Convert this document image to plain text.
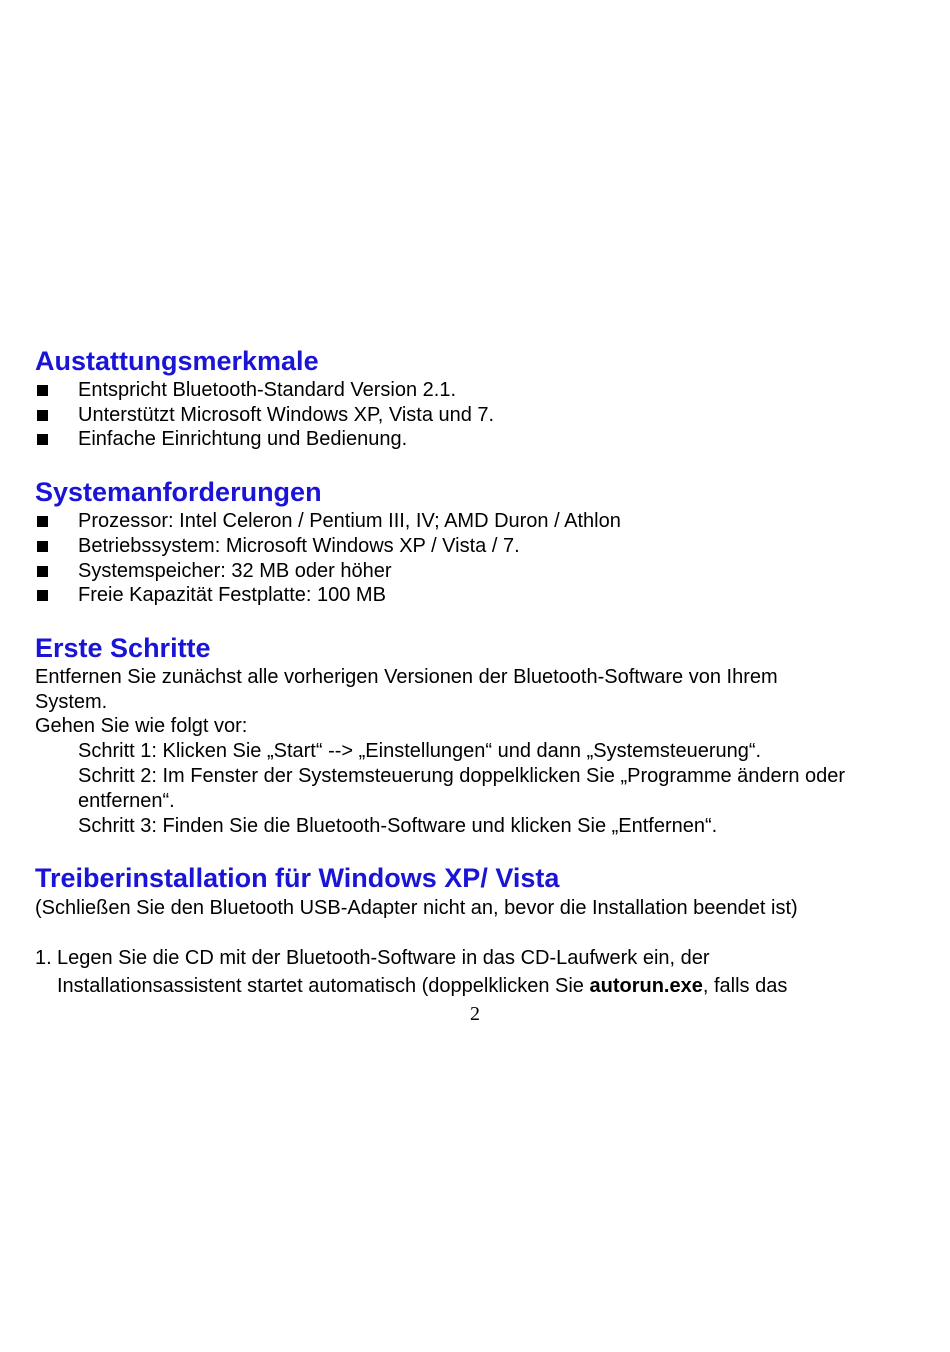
Austattungsmerkmale

Entspricht Bluetooth-Standard Version 2.1.

Unterstützt Microsoft Windows XP, Vista und 7.

Einfache Einrichtung und Bedienung.

Systemanforderungen

Prozessor: Intel Celeron / Pentium III, IV; AMD Duron / Athlon

Betriebssystem: Microsoft Windows XP / Vista / 7.

Systemspeicher: 32 MB oder höher

Freie Kapazität Festplatte: 100 MB

Erste Schritte

Entfernen Sie zunächst alle vorherigen Versionen der Bluetooth-Software von Ihrem

System.

Gehen Sie wie folgt vor:

Schritt 1: Klicken Sie „Start“ --> „Einstellungen“ und dann „Systemsteuerung“.

Schritt 2: Im Fenster der Systemsteuerung doppelklicken Sie „Programme ändern oder

entfernen“.

Schritt 3: Finden Sie die Bluetooth-Software und klicken Sie „Entfernen“.

Treiberinstallation für Windows XP/ Vista

(Schließen Sie den Bluetooth USB-Adapter nicht an, bevor die Installation beendet ist)

1. Legen Sie die CD mit der Bluetooth-Software in das CD-Laufwerk ein, der

Installationsassistent startet automatisch (doppelklicken Sie autorun.exe, falls das

2
